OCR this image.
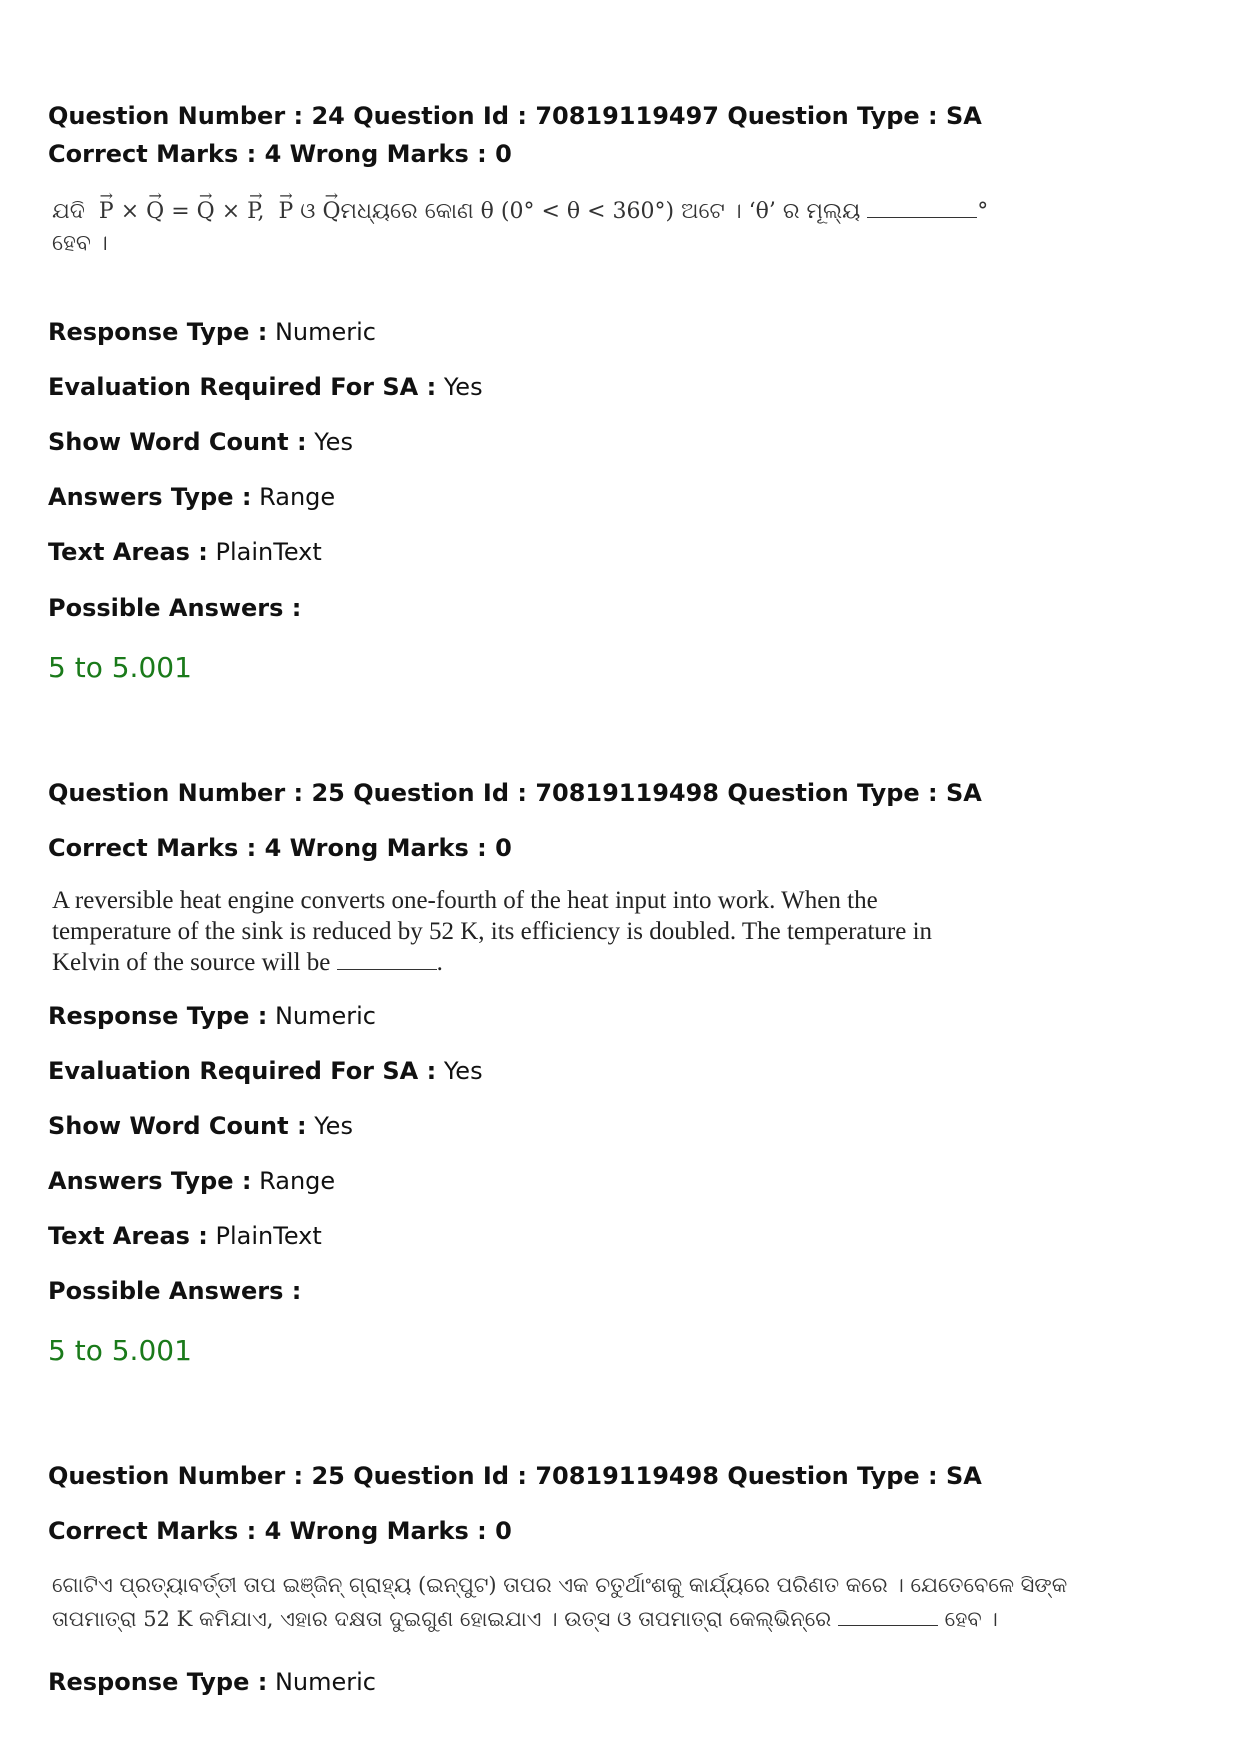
Question Number : 24 Question Id : 70819119497 Question Type : SA
Correct Marks : 4 Wrong Marks : 0
ଯଦି → P × → Q = → Q × → P, → P ଓ → Qମଧ୍ୟରେ କୋଣ θ (0° < θ < 360°) ଅଟେ । ‘θ’ ର ମୂଲ୍ୟ	°
ହେବ ।
Response Type : Numeric
Evaluation Required For SA : Yes
Show Word Count : Yes
Answers Type : Range
Text Areas : PlainText
Possible Answers :
5 to 5.001
Question Number : 25 Question Id : 70819119498 Question Type : SA
Correct Marks : 4 Wrong Marks : 0
A reversible heat engine converts one-fourth of the heat input into work. When the
temperature of the sink is reduced by 52 K, its efficiency is doubled. The temperature in
Kelvin of the source will be	.
Response Type : Numeric
Evaluation Required For SA : Yes
Show Word Count : Yes
Answers Type : Range
Text Areas : PlainText
Possible Answers :
5 to 5.001
Question Number : 25 Question Id : 70819119498 Question Type : SA
Correct Marks : 4 Wrong Marks : 0
ଗୋଟିଏ ପ୍ରତ୍ୟାବର୍ତ୍ତୀ ତାପ ଇଞ୍ଜିନ୍ ଗ୍ରାହ୍ୟ (ଇନ୍‌ପୁଟ) ତାପର ଏକ ଚତୁର୍ଥାଂଶକୁ କାର୍ଯ୍ୟରେ ପରିଣତ କରେ । ଯେତେବେଳେ ସିଙ୍କ
ତାପମାତ୍ରା 52 K କମିଯାଏ, ଏହାର ଦକ୍ଷତା ଦୁଇଗୁଣ ହୋଇଯାଏ । ଉତ୍ସ ଓ ତାପମାତ୍ରା କେଲ୍‌ଭିନ୍‌ରେ	ହେବ ।
Response Type : Numeric
